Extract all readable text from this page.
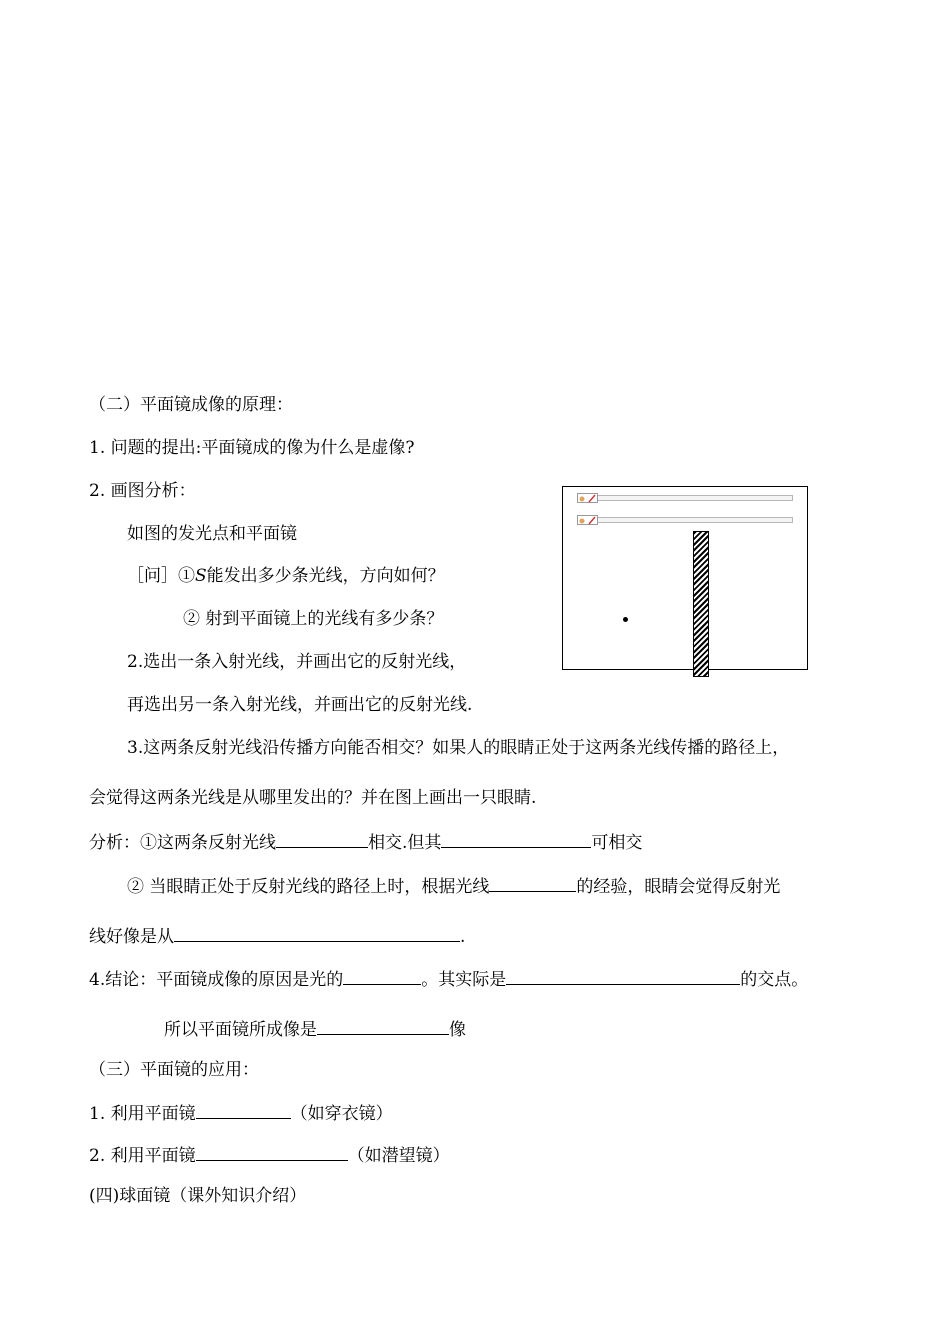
（二）平面镜成像的原理：
1. 问题的提出:平面镜成的像为什么是虚像?
2. 画图分析：
如图的发光点和平面镜
［问］①S能发出多少条光线，方向如何？
② 射到平面镜上的光线有多少条？
2.选出一条入射光线，并画出它的反射光线，
再选出另一条入射光线，并画出它的反射光线.
3.这两条反射光线沿传播方向能否相交？如果人的眼睛正处于这两条光线传播的路径上，
会觉得这两条光线是从哪里发出的？并在图上画出一只眼睛.
分析：①这两条反射光线	相交.但其	可相交
② 当眼睛正处于反射光线的路径上时，根据光线	的经验，眼睛会觉得反射光
线好像是从	.
4.结论：平面镜成像的原因是光的	。其实际是	的交点。
所以平面镜所成像是	像
（三）平面镜的应用：
1. 利用平面镜	（如穿衣镜）
2. 利用平面镜	（如潜望镜）
(四)球面镜（课外知识介绍）
